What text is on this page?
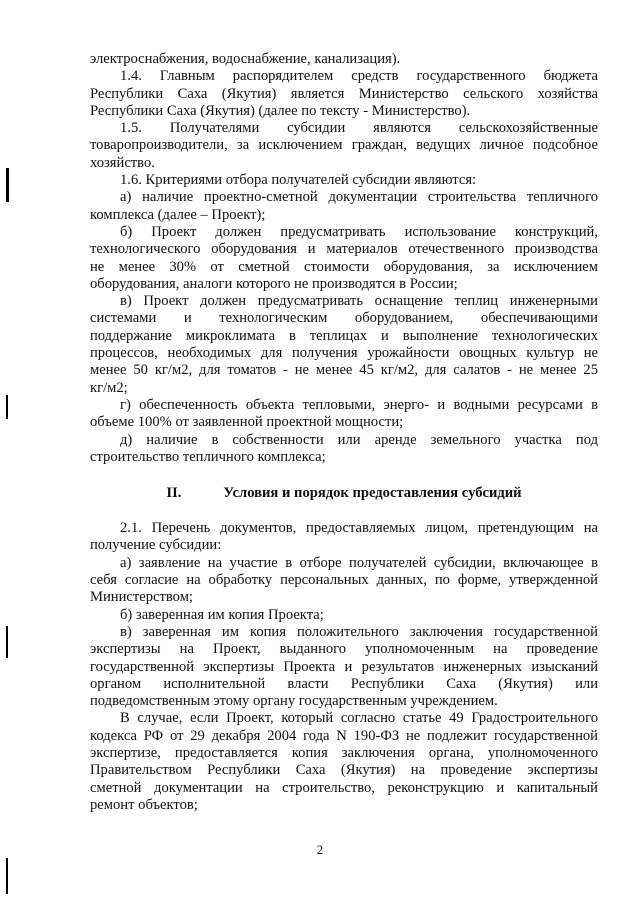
электроснабжения, водоснабжение, канализация).
1.4. Главным распорядителем средств государственного бюджета
Республики Саха (Якутия) является Министерство сельского хозяйства
Республики Саха (Якутия) (далее по тексту - Министерство).
1.5. Получателями субсидии являются сельскохозяйственные
товаропроизводители, за исключением граждан, ведущих личное подсобное
хозяйство.
1.6. Критериями отбора получателей субсидии являются:
а) наличие проектно-сметной документации строительства тепличного
комплекса (далее – Проект);
б) Проект должен предусматривать использование конструкций,
технологического оборудования и материалов отечественного производства
не менее 30% от сметной стоимости оборудования, за исключением
оборудования, аналоги которого не производятся в России;
в) Проект должен предусматривать оснащение теплиц инженерными
системами и технологическим оборудованием, обеспечивающими
поддержание микроклимата в теплицах и выполнение технологических
процессов, необходимых для получения урожайности овощных культур не
менее 50 кг/м2, для томатов - не менее 45 кг/м2, для салатов - не менее 25
кг/м2;
г) обеспеченность объекта тепловыми, энерго- и водными ресурсами в
объеме 100% от заявленной проектной мощности;
д) наличие в собственности или аренде земельного участка под
строительство тепличного комплекса;
II.	Условия и порядок предоставления субсидий
2.1. Перечень документов, предоставляемых лицом, претендующим на
получение субсидии:
а) заявление на участие в отборе получателей субсидии, включающее в
себя согласие на обработку персональных данных, по форме, утвержденной
Министерством;
б) заверенная им копия Проекта;
в) заверенная им копия положительного заключения государственной
экспертизы на Проект, выданного уполномоченным на проведение
государственной экспертизы Проекта и результатов инженерных изысканий
органом исполнительной власти Республики Саха (Якутия) или
подведомственным этому органу государственным учреждением.
В случае, если Проект, который согласно статье 49 Градостроительного
кодекса РФ от 29 декабря 2004 года N 190-ФЗ не подлежит государственной
экспертизе, предоставляется копия заключения органа, уполномоченного
Правительством Республики Саха (Якутия) на проведение экспертизы
сметной документации на строительство, реконструкцию и капитальный
ремонт объектов;
2
